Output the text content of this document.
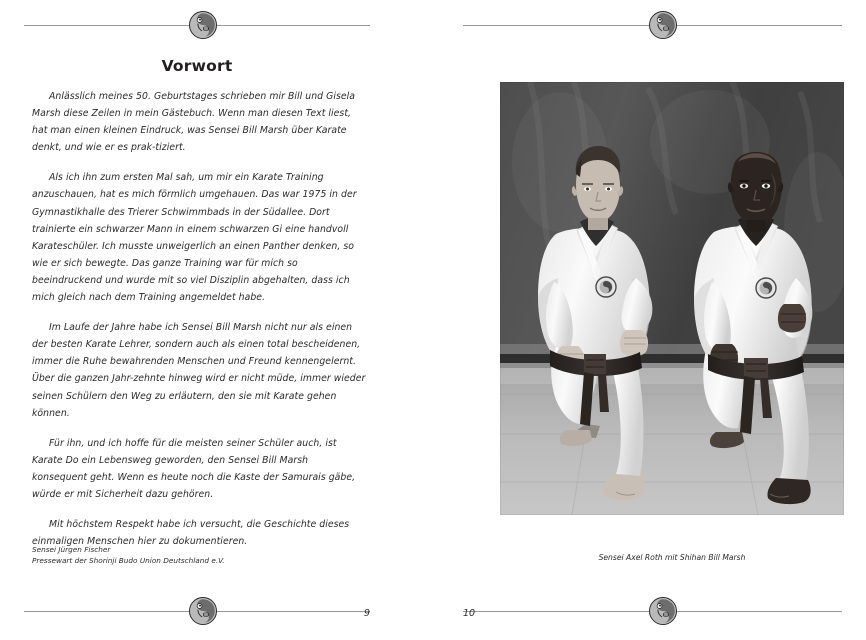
Vorwort

Anlässlich meines 50. Geburtstages schrieben mir Bill und Gisela Marsh diese Zeilen in mein Gästebuch. Wenn man diesen Text liest, hat man einen kleinen Eindruck, was Sensei Bill Marsh über Karate denkt, und wie er es prak-tiziert.

Als ich ihn zum ersten Mal sah, um mir ein Karate Training anzuschauen, hat es mich förmlich umgehauen. Das war 1975 in der Gymnastikhalle des Trierer Schwimmbads in der Südallee. Dort trainierte ein schwarzer Mann in einem schwarzen Gi eine handvoll Karateschüler. Ich musste unweigerlich an einen Panther denken, so wie er sich bewegte. Das ganze Training war für mich so beeindruckend und wurde mit so viel Disziplin abgehalten, dass ich mich gleich nach dem Training angemeldet habe.

Im Laufe der Jahre habe ich Sensei Bill Marsh nicht nur als einen der besten Karate Lehrer, sondern auch als einen total bescheidenen, immer die Ruhe bewahrenden Menschen und Freund kennengelernt. Über die ganzen Jahr-zehnte hinweg wird er nicht müde, immer wieder seinen Schülern den Weg zu erläutern, den sie mit Karate gehen können.

Für ihn, und ich hoffe für die meisten seiner Schüler auch, ist Karate Do ein Lebensweg geworden, den Sensei Bill Marsh konsequent geht. Wenn es heute noch die Kaste der Samurais gäbe, würde er mit Sicherheit dazu gehören.

Mit höchstem Respekt habe ich versucht, die Geschichte dieses einmaligen Menschen hier zu dokumentieren.

Sensei Jürgen Fischer
Pressewart der Shorinji Budo Union Deutschland e.V.
9
Sensei Axel Roth mit Shihan Bill Marsh
10
